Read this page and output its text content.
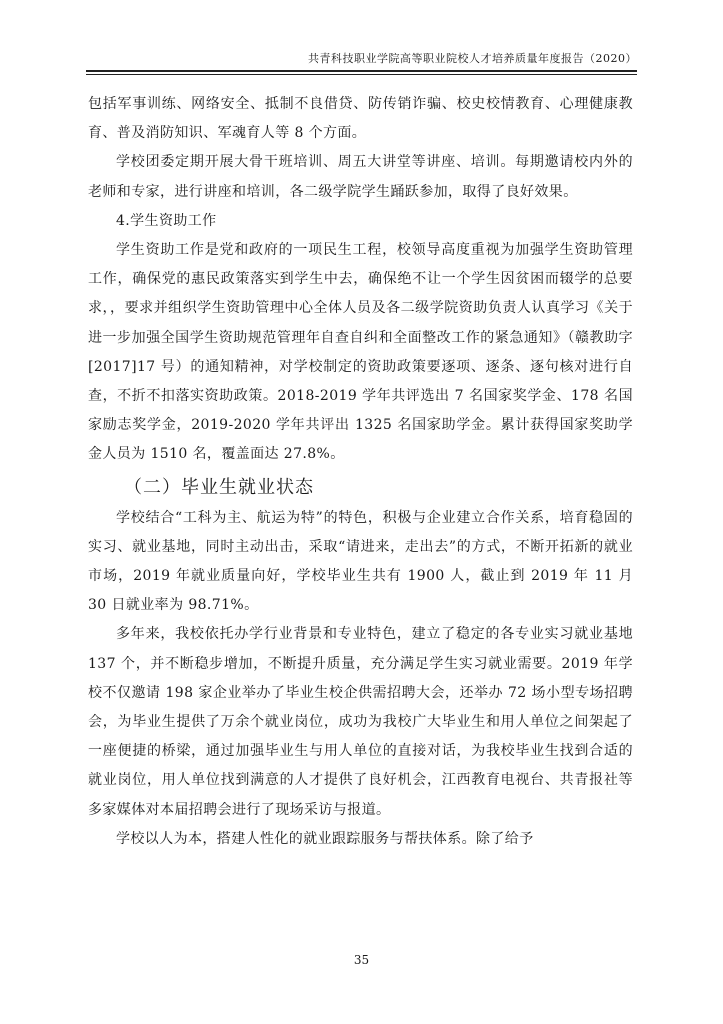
共青科技职业学院高等职业院校人才培养质量年度报告（2020）

包括军事训练、网络安全、抵制不良借贷、防传销诈骗、校史校情教育、心理健康教育、普及消防知识、军魂育人等 8 个方面。

学校团委定期开展大骨干班培训、周五大讲堂等讲座、培训。每期邀请校内外的老师和专家，进行讲座和培训，各二级学院学生踊跃参加，取得了良好效果。

4.学生资助工作

学生资助工作是党和政府的一项民生工程，校领导高度重视为加强学生资助管理工作，确保党的惠民政策落实到学生中去，确保绝不让一个学生因贫困而辍学的总要求，，要求并组织学生资助管理中心全体人员及各二级学院资助负责人认真学习《关于进一步加强全国学生资助规范管理年自查自纠和全面整改工作的紧急通知》（赣教助字[2017]17 号）的通知精神，对学校制定的资助政策要逐项、逐条、逐句核对进行自查，不折不扣落实资助政策。2018-2019 学年共评选出 7 名国家奖学金、178 名国家励志奖学金，2019-2020 学年共评出 1325 名国家助学金。累计获得国家奖助学金人员为 1510 名，覆盖面达 27.8%。

（二）毕业生就业状态

学校结合“工科为主、航运为特”的特色，积极与企业建立合作关系，培育稳固的实习、就业基地，同时主动出击，采取“请进来，走出去”的方式，不断开拓新的就业市场，2019 年就业质量向好，学校毕业生共有 1900 人，截止到 2019 年 11 月 30 日就业率为 98.71%。

多年来，我校依托办学行业背景和专业特色，建立了稳定的各专业实习就业基地 137 个，并不断稳步增加，不断提升质量，充分满足学生实习就业需要。2019 年学校不仅邀请 198 家企业举办了毕业生校企供需招聘大会，还举办 72 场小型专场招聘会，为毕业生提供了万余个就业岗位，成功为我校广大毕业生和用人单位之间架起了一座便捷的桥梁，通过加强毕业生与用人单位的直接对话，为我校毕业生找到合适的就业岗位，用人单位找到满意的人才提供了良好机会，江西教育电视台、共青报社等多家媒体对本届招聘会进行了现场采访与报道。

学校以人为本，搭建人性化的就业跟踪服务与帮扶体系。除了给予

35
